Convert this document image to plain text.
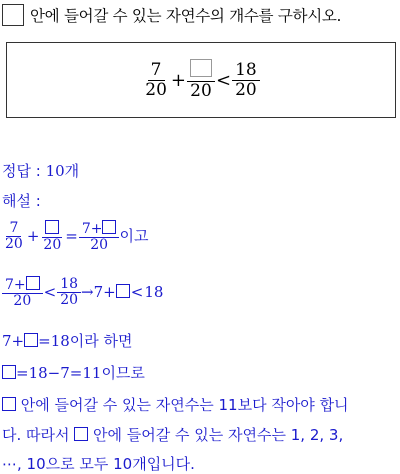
안에 들어갈 수 있는 자연수의 개수를 구하시오.
$\frac{7}{20}$ +
20
< $\frac{18}{20}$
정답 : 10개
해설 :
$\frac{7}{20}$ +
20
= $\frac{7+}{20}$ 이고
$\frac{7+}{20} < \frac{18}{20} \to 7+ <18$
7+ =18이라 하면
=18−7=11이므로
안에 들어갈 수 있는 자연수는 11보다 작아야 합니
다. 따라서  안에 들어갈 수 있는 자연수는 1, 2, 3,
⋯, 10으로 모두 10개입니다.
